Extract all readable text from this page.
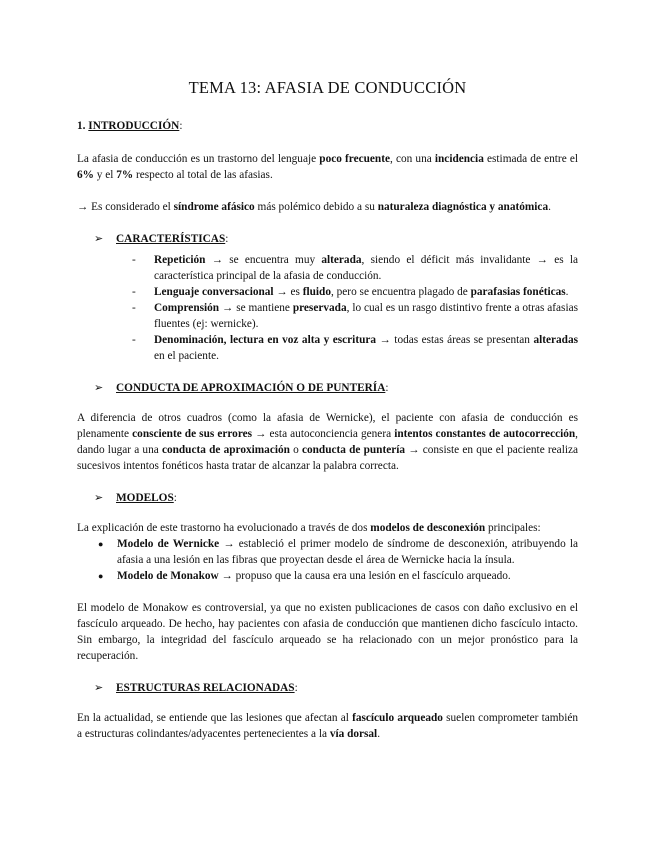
TEMA 13: AFASIA DE CONDUCCIÓN

1. INTRODUCCIÓN:

La afasia de conducción es un trastorno del lenguaje poco frecuente, con una incidencia estimada de entre el 6% y el 7% respecto al total de las afasias.

→ Es considerado el síndrome afásico más polémico debido a su naturaleza diagnóstica y anatómica.

➢	CARACTERÍSTICAS:
- Repetición → se encuentra muy alterada, siendo el déficit más invalidante → es la característica principal de la afasia de conducción.
- Lenguaje conversacional → es fluido, pero se encuentra plagado de parafasias fonéticas.
- Comprensión → se mantiene preservada, lo cual es un rasgo distintivo frente a otras afasias fluentes (ej: wernicke).
- Denominación, lectura en voz alta y escritura → todas estas áreas se presentan alteradas en el paciente.
➢	CONDUCTA DE APROXIMACIÓN O DE PUNTERÍA:

A diferencia de otros cuadros (como la afasia de Wernicke), el paciente con afasia de conducción es plenamente consciente de sus errores → esta autoconciencia genera intentos constantes de autocorrección, dando lugar a una conducta de aproximación o conducta de puntería → consiste en que el paciente realiza sucesivos intentos fonéticos hasta tratar de alcanzar la palabra correcta.

➢	MODELOS:

La explicación de este trastorno ha evolucionado a través de dos modelos de desconexión principales:

● Modelo de Wernicke → estableció el primer modelo de síndrome de desconexión, atribuyendo la afasia a una lesión en las fibras que proyectan desde el área de Wernicke hacia la ínsula.
● Modelo de Monakow → propuso que la causa era una lesión en el fascículo arqueado.

El modelo de Monakow es controversial, ya que no existen publicaciones de casos con daño exclusivo en el fascículo arqueado. De hecho, hay pacientes con afasia de conducción que mantienen dicho fascículo intacto. Sin embargo, la integridad del fascículo arqueado se ha relacionado con un mejor pronóstico para la recuperación.

➢	ESTRUCTURAS RELACIONADAS:

En la actualidad, se entiende que las lesiones que afectan al fascículo arqueado suelen comprometer también a estructuras colindantes/adyacentes pertenecientes a la vía dorsal.
